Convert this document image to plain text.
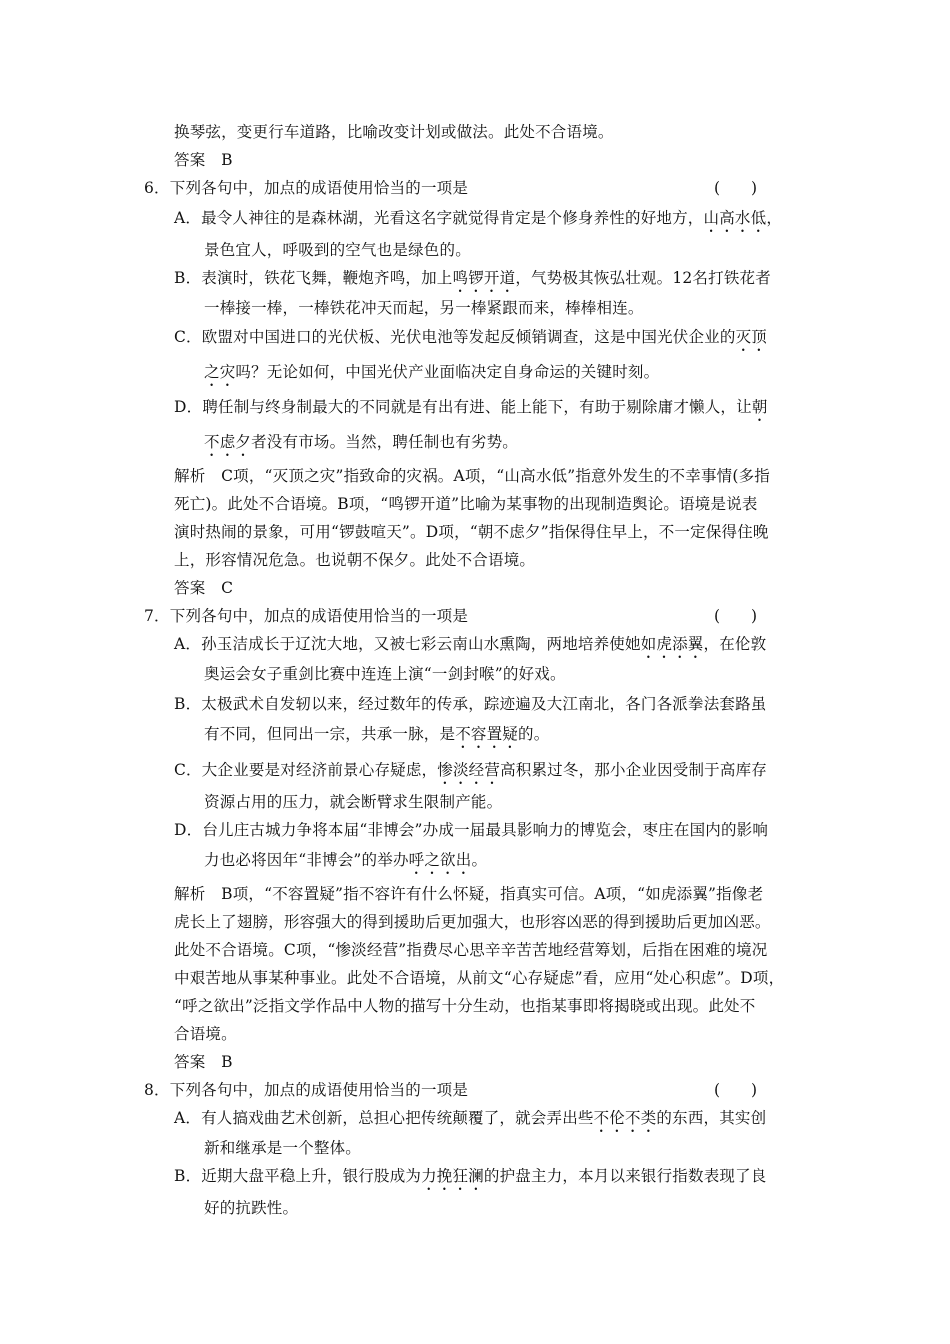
换琴弦，变更行车道路，比喻改变计划或做法。此处不合语境。
答案　B
6．下列各句中，加点的成语使用恰当的一项是	(　　)
A．最令人神往的是森林湖，光看这名字就觉得肯定是个修身养性的好地方，山高水低，
景色宜人，呼吸到的空气也是绿色的。
B．表演时，铁花飞舞，鞭炮齐鸣，加上鸣锣开道，气势极其恢弘壮观。12名打铁花者
一棒接一棒，一棒铁花冲天而起，另一棒紧跟而来，棒棒相连。
C．欧盟对中国进口的光伏板、光伏电池等发起反倾销调查，这是中国光伏企业的灭顶
之灾吗？无论如何，中国光伏产业面临决定自身命运的关键时刻。
D．聘任制与终身制最大的不同就是有出有进、能上能下，有助于剔除庸才懒人，让朝
不虑夕者没有市场。当然，聘任制也有劣势。
解析　C项，“灭顶之灾”指致命的灾祸。A项，“山高水低”指意外发生的不幸事情(多指
死亡)。此处不合语境。B项，“鸣锣开道”比喻为某事物的出现制造舆论。语境是说表
演时热闹的景象，可用“锣鼓喧天”。D项，“朝不虑夕”指保得住早上，不一定保得住晚
上，形容情况危急。也说朝不保夕。此处不合语境。
答案　C
7．下列各句中，加点的成语使用恰当的一项是	(　　)
A．孙玉洁成长于辽沈大地，又被七彩云南山水熏陶，两地培养使她如虎添翼，在伦敦
奥运会女子重剑比赛中连连上演“一剑封喉”的好戏。
B．太极武术自发轫以来，经过数年的传承，踪迹遍及大江南北，各门各派拳法套路虽
有不同，但同出一宗，共承一脉，是不容置疑的。
C．大企业要是对经济前景心存疑虑，惨淡经营高积累过冬，那小企业因受制于高库存
资源占用的压力，就会断臂求生限制产能。
D．台儿庄古城力争将本届“非博会”办成一届最具影响力的博览会，枣庄在国内的影响
力也必将因年“非博会”的举办呼之欲出。
解析　B项，“不容置疑”指不容许有什么怀疑，指真实可信。A项，“如虎添翼”指像老
虎长上了翅膀，形容强大的得到援助后更加强大，也形容凶恶的得到援助后更加凶恶。
此处不合语境。C项，“惨淡经营”指费尽心思辛辛苦苦地经营筹划，后指在困难的境况
中艰苦地从事某种事业。此处不合语境，从前文“心存疑虑”看，应用“处心积虑”。D项，
“呼之欲出”泛指文学作品中人物的描写十分生动，也指某事即将揭晓或出现。此处不
合语境。
答案　B
8．下列各句中，加点的成语使用恰当的一项是	(　　)
A．有人搞戏曲艺术创新，总担心把传统颠覆了，就会弄出些不伦不类的东西，其实创
新和继承是一个整体。
B．近期大盘平稳上升，银行股成为力挽狂澜的护盘主力，本月以来银行指数表现了良
好的抗跌性。
